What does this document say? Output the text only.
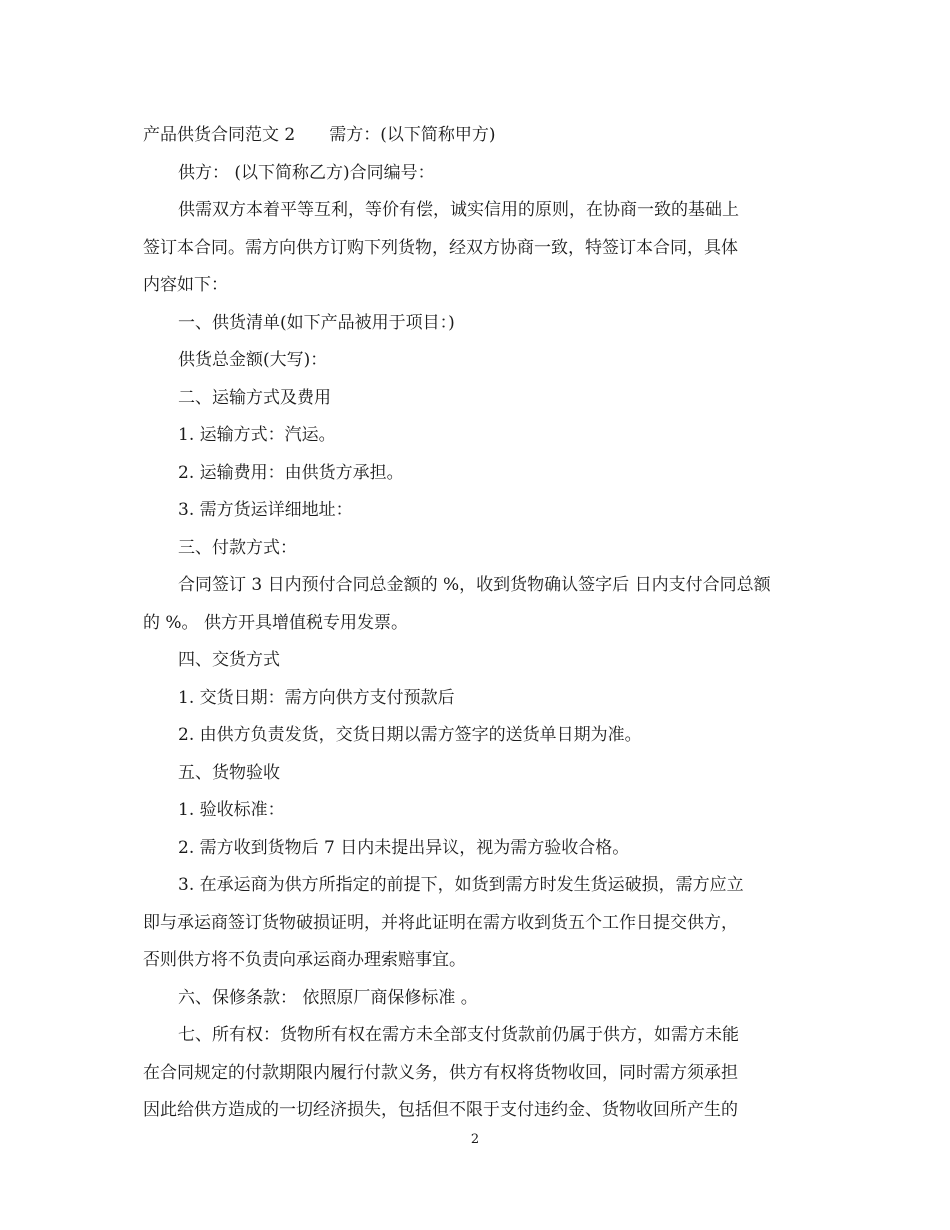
产品供货合同范文 2　　需方：(以下简称甲方)

供方： (以下简称乙方)合同编号：

供需双方本着平等互利，等价有偿，诚实信用的原则，在协商一致的基础上

签订本合同。需方向供方订购下列货物，经双方协商一致，特签订本合同，具体

内容如下：

一、供货清单(如下产品被用于项目：)

供货总金额(大写)：

二、运输方式及费用

1. 运输方式：汽运。

2. 运输费用：由供货方承担。

3. 需方货运详细地址：

三、付款方式：

合同签订 3 日内预付合同总金额的 %，收到货物确认签字后 日内支付合同总额

的 %。 供方开具增值税专用发票。

四、交货方式

1. 交货日期：需方向供方支付预款后

2. 由供方负责发货，交货日期以需方签字的送货单日期为准。

五、货物验收

1. 验收标准：

2. 需方收到货物后 7 日内未提出异议，视为需方验收合格。

3. 在承运商为供方所指定的前提下，如货到需方时发生货运破损，需方应立

即与承运商签订货物破损证明，并将此证明在需方收到货五个工作日提交供方，

否则供方将不负责向承运商办理索赔事宜。

六、保修条款： 依照原厂商保修标准 。

七、所有权：货物所有权在需方未全部支付货款前仍属于供方，如需方未能

在合同规定的付款期限内履行付款义务，供方有权将货物收回，同时需方须承担

因此给供方造成的一切经济损失，包括但不限于支付违约金、货物收回所产生的

2
